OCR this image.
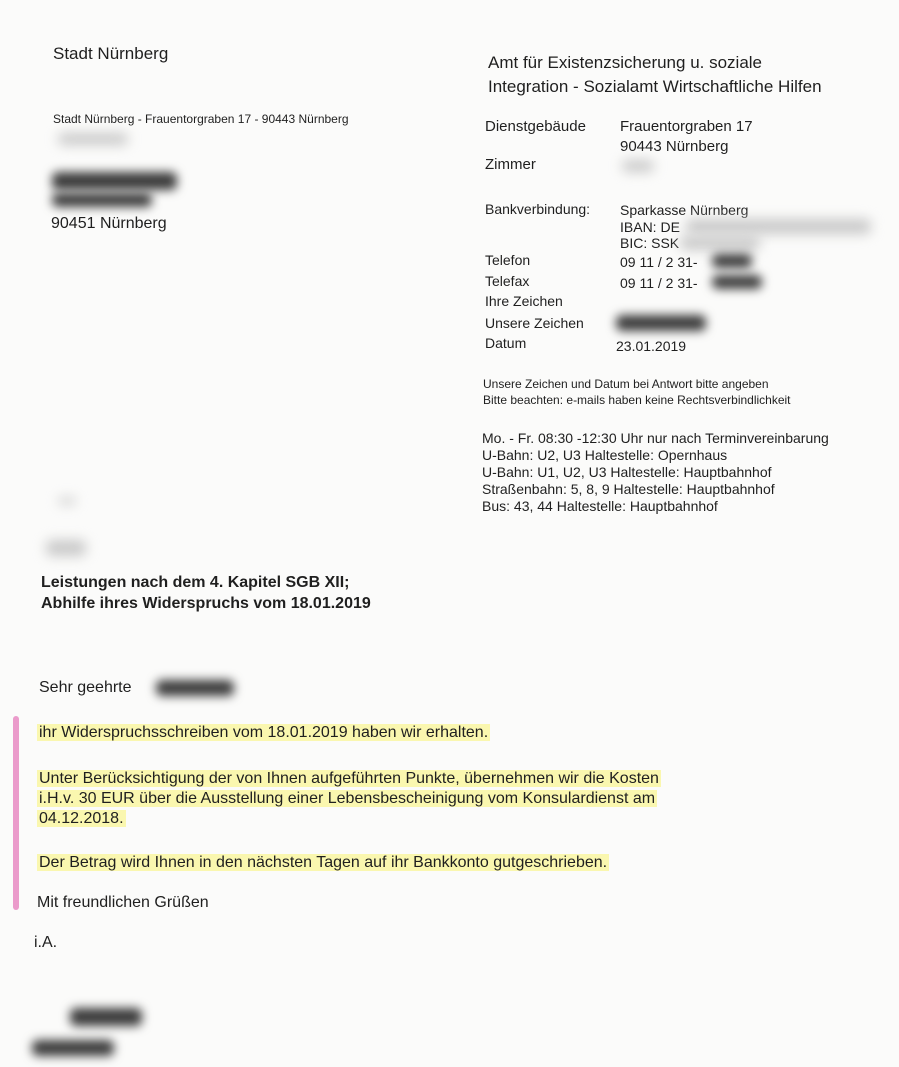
Stadt Nürnberg
Stadt Nürnberg - Frauentorgraben 17 - 90443 Nürnberg
90451 Nürnberg
Amt für Existenzsicherung u. soziale
Integration - Sozialamt Wirtschaftliche Hilfen
Dienstgebäude Frauentorgraben 17
90443 Nürnberg
Zimmer
Bankverbindung: Sparkasse Nürnberg
IBAN: DE
BIC: SSK
Telefon	09 11 / 2 31-
Telefax	09 11 / 2 31-
Ihre Zeichen
Unsere Zeichen
Datum	23.01.2019
Unsere Zeichen und Datum bei Antwort bitte angeben
Bitte beachten: e-mails haben keine Rechtsverbindlichkeit
Mo. - Fr. 08:30 -12:30 Uhr nur nach Terminvereinbarung
U-Bahn: U2, U3 Haltestelle: Opernhaus
U-Bahn: U1, U2, U3 Haltestelle: Hauptbahnhof
Straßenbahn: 5, 8, 9 Haltestelle: Hauptbahnhof
Bus: 43, 44 Haltestelle: Hauptbahnhof
Leistungen nach dem 4. Kapitel SGB XII;
Abhilfe ihres Widerspruchs vom 18.01.2019
Sehr geehrte
ihr Widerspruchsschreiben vom 18.01.2019 haben wir erhalten.
Unter Berücksichtigung der von Ihnen aufgeführten Punkte, übernehmen wir die Kosten
i.H.v. 30 EUR über die Ausstellung einer Lebensbescheinigung vom Konsulardienst am
04.12.2018.
Der Betrag wird Ihnen in den nächsten Tagen auf ihr Bankkonto gutgeschrieben.
Mit freundlichen Grüßen
i.A.
